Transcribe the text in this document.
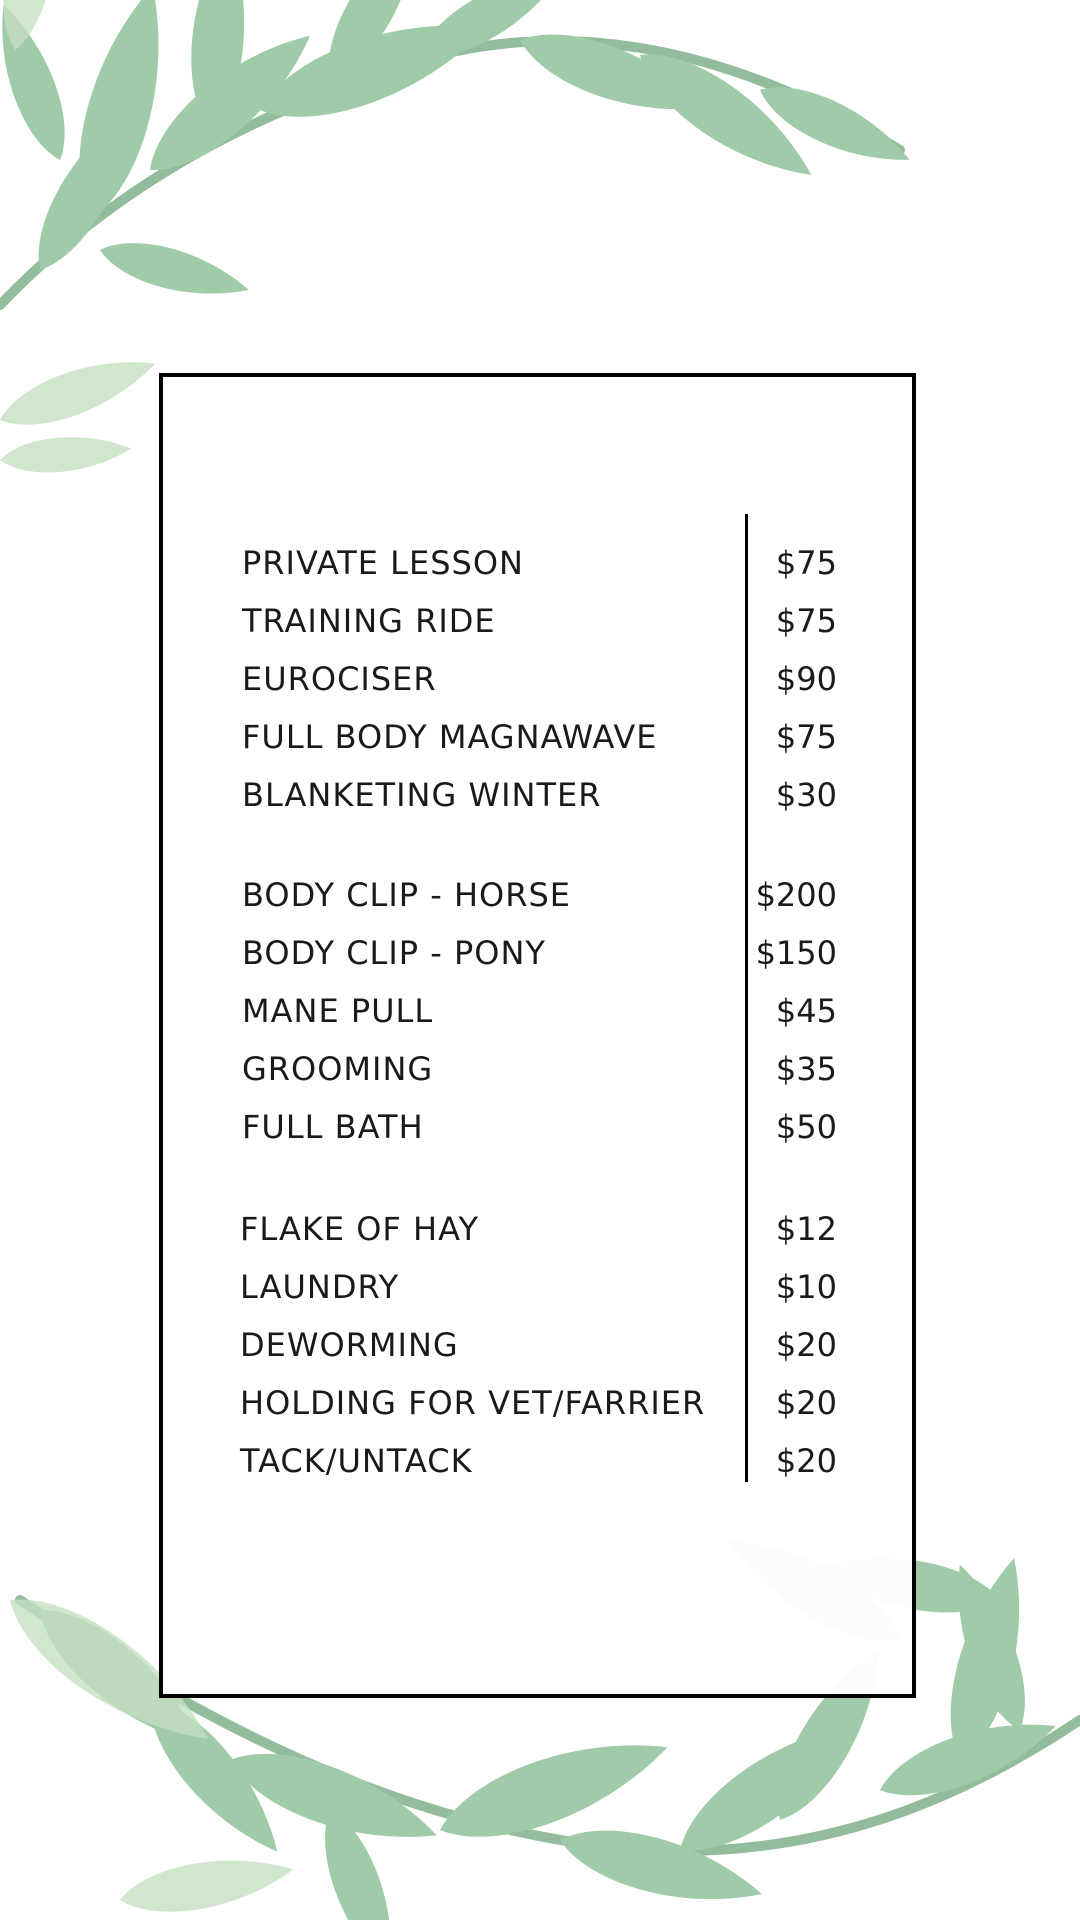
PRIVATE LESSON	$75
TRAINING RIDE	$75
EUROCISER	$90
FULL BODY MAGNAWAVE	$75
BLANKETING WINTER	$30
BODY CLIP - HORSE	$200
BODY CLIP - PONY	$150
MANE PULL	$45
GROOMING	$35
FULL BATH	$50
FLAKE OF HAY	$12
LAUNDRY	$10
DEWORMING	$20
HOLDING FOR VET/FARRIER $20
TACK/UNTACK	$20
